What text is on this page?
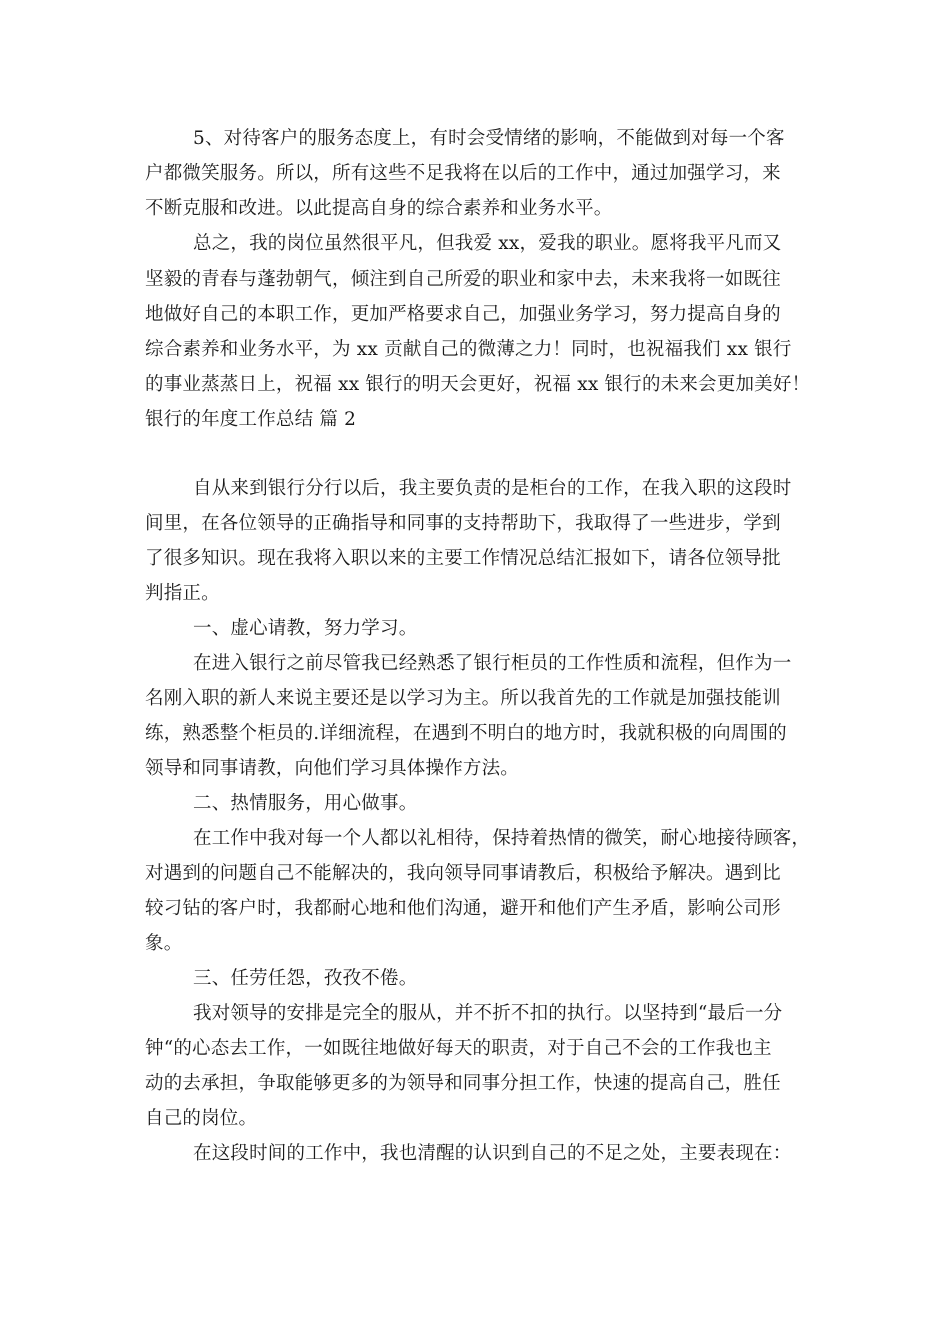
5、对待客户的服务态度上，有时会受情绪的影响，不能做到对每一个客
户都微笑服务。所以，所有这些不足我将在以后的工作中，通过加强学习，来
不断克服和改进。以此提高自身的综合素养和业务水平。
总之，我的岗位虽然很平凡，但我爱 xx，爱我的职业。愿将我平凡而又
坚毅的青春与蓬勃朝气，倾注到自己所爱的职业和家中去，未来我将一如既往
地做好自己的本职工作，更加严格要求自己，加强业务学习，努力提高自身的
综合素养和业务水平，为 xx 贡献自己的微薄之力！同时，也祝福我们 xx 银行
的事业蒸蒸日上，祝福 xx 银行的明天会更好，祝福 xx 银行的未来会更加美好！
银行的年度工作总结 篇 2
自从来到银行分行以后，我主要负责的是柜台的工作，在我入职的这段时
间里，在各位领导的正确指导和同事的支持帮助下，我取得了一些进步，学到
了很多知识。现在我将入职以来的主要工作情况总结汇报如下，请各位领导批
判指正。
一、虚心请教，努力学习。
在进入银行之前尽管我已经熟悉了银行柜员的工作性质和流程，但作为一
名刚入职的新人来说主要还是以学习为主。所以我首先的工作就是加强技能训
练，熟悉整个柜员的.详细流程，在遇到不明白的地方时，我就积极的向周围的
领导和同事请教，向他们学习具体操作方法。
二、热情服务，用心做事。
在工作中我对每一个人都以礼相待，保持着热情的微笑，耐心地接待顾客，
对遇到的问题自己不能解决的，我向领导同事请教后，积极给予解决。遇到比
较刁钻的客户时，我都耐心地和他们沟通，避开和他们产生矛盾，影响公司形
象。
三、任劳任怨，孜孜不倦。
我对领导的安排是完全的服从，并不折不扣的执行。以坚持到“最后一分
钟“的心态去工作，一如既往地做好每天的职责，对于自己不会的工作我也主
动的去承担，争取能够更多的为领导和同事分担工作，快速的提高自己，胜任
自己的岗位。
在这段时间的工作中，我也清醒的认识到自己的不足之处，主要表现在：
